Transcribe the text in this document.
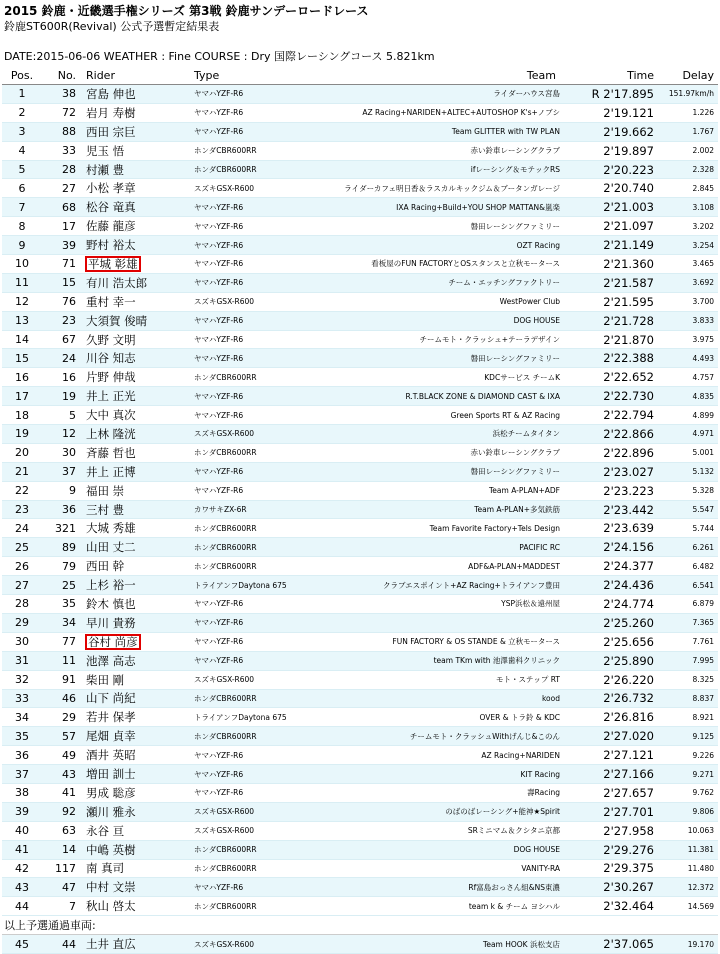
2015 鈴鹿・近畿選手権シリーズ 第3戦 鈴鹿サンデーロードレース
鈴鹿ST600R(Revival) 公式予選暫定結果表
DATE:2015-06-06 WEATHER : Fine COURSE : Dry 国際レーシングコース 5.821km
Pos.	No.	Rider	Type	Team	Time	Delay
1	38	宮島 伸也	ヤマハYZF-R6	ライダーハウス宮島	R 2'17.895	151.97km/h
2	72	岩月 寿樹	ヤマハYZF-R6	AZ Racing+NARIDEN+ALTEC+AUTOSHOP K's+ノブシ	2'19.121	1.226
3	88	西田 宗巨	ヤマハYZF-R6	Team GLITTER with TW PLAN	2'19.662	1.767
4	33	児玉 悟	ホンダCBR600RR	赤い鈴車レーシングクラブ	2'19.897	2.002
5	28	村瀬 豊	ホンダCBR600RR	ifレーシング＆モテックRS	2'20.223	2.328
6	27	小松 孝章	スズキGSX-R600	ライダーカフェ明日香＆ラスカルキックジム＆ブータンガレージ	2'20.740	2.845
7	68	松谷 竜真	ヤマハYZF-R6	IXA Racing+Build+YOU SHOP MATTAN&嵐楽	2'21.003	3.108
8	17	佐藤 龍彦	ヤマハYZF-R6	磐田レーシングファミリー	2'21.097	3.202
9	39	野村 裕太	ヤマハYZF-R6	OZT Racing	2'21.149	3.254
10	71	平城 彰雄	ヤマハYZF-R6	看板屋のFUN FACTORYとOSスタンスと立秋モータース	2'21.360	3.465
11	15	有川 浩太郎	ヤマハYZF-R6	チーム・エッチングファクトリー	2'21.587	3.692
12	76	重村 幸一	スズキGSX-R600	WestPower Club	2'21.595	3.700
13	23	大須賀 俊晴	ヤマハYZF-R6	DOG HOUSE	2'21.728	3.833
14	67	久野 文明	ヤマハYZF-R6	チームモト・クラッシュ+テーラデザイン	2'21.870	3.975
15	24	川谷 知志	ヤマハYZF-R6	磐田レーシングファミリー	2'22.388	4.493
16	16	片野 伸哉	ホンダCBR600RR	KDCサービス チームK	2'22.652	4.757
17	19	井上 正光	ヤマハYZF-R6	R.T.BLACK ZONE & DIAMOND CAST & IXA	2'22.730	4.835
18	5	大中 真次	ヤマハYZF-R6	Green Sports RT & AZ Racing	2'22.794	4.899
19	12	上林 隆洸	スズキGSX-R600	浜松チームタイタン	2'22.866	4.971
20	30	斉藤 哲也	ホンダCBR600RR	赤い鈴車レーシングクラブ	2'22.896	5.001
21	37	井上 正博	ヤマハYZF-R6	磐田レーシングファミリー	2'23.027	5.132
22	9	福田 崇	ヤマハYZF-R6	Team A-PLAN+ADF	2'23.223	5.328
23	36	三村 豊	カワサキZX-6R	Team A-PLAN+多気鉄筋	2'23.442	5.547
24	321	大城 秀雄	ホンダCBR600RR	Team Favorite Factory+Tels Design	2'23.639	5.744
25	89	山田 丈二	ホンダCBR600RR	PACIFIC RC	2'24.156	6.261
26	79	西田 幹	ホンダCBR600RR	ADF&A-PLAN+MADDEST	2'24.377	6.482
27	25	上杉 裕一	トライアンフDaytona 675	クラブエスポイント+AZ Racing+トライアンフ豊田	2'24.436	6.541
28	35	鈴木 慎也	ヤマハYZF-R6	YSP浜松＆遠州屋	2'24.774	6.879
29	34	早川 貴務	ヤマハYZF-R6		2'25.260	7.365
30	77	谷村 尚彦	ヤマハYZF-R6	FUN FACTORY & OS STANDE & 立秋モータース	2'25.656	7.761
31	11	池澤 高志	ヤマハYZF-R6	team TKm with 池澤歯科クリニック	2'25.890	7.995
32	91	柴田 剛	スズキGSX-R600	モト・ステップ RT	2'26.220	8.325
33	46	山下 尚紀	ホンダCBR600RR	kood	2'26.732	8.837
34	29	若井 保孝	トライアンフDaytona 675	OVER & トラ鈴 & KDC	2'26.816	8.921
35	57	尾畑 貞幸	ホンダCBR600RR	チームモト・クラッシュWithげんじ&このん	2'27.020	9.125
36	49	酒井 英昭	ヤマハYZF-R6	AZ Racing+NARIDEN	2'27.121	9.226
37	43	増田 訓士	ヤマハYZF-R6	KIT Racing	2'27.166	9.271
38	41	男成 聡彦	ヤマハYZF-R6	壽Racing	2'27.657	9.762
39	92	瀬川 雅永	スズキGSX-R600	のばのばレーシング+能神★Spirit	2'27.701	9.806
40	63	永谷 亘	スズキGSX-R600	SRミニマム＆クシタニ京都	2'27.958	10.063
41	14	中嶋 英樹	ホンダCBR600RR	DOG HOUSE	2'29.276	11.381
42	117	南 真司	ホンダCBR600RR	VANITY-RA	2'29.375	11.480
43	47	中村 文崇	ヤマハYZF-R6	Rf富島おっさん組&NS東濃	2'30.267	12.372
44	7	秋山 啓太	ホンダCBR600RR	team k & チーム ヨシハル	2'32.464	14.569
以上予選通過車両:						
45	44	土井 直広	スズキGSX-R600	Team HOOK 浜松支店	2'37.065	19.170
